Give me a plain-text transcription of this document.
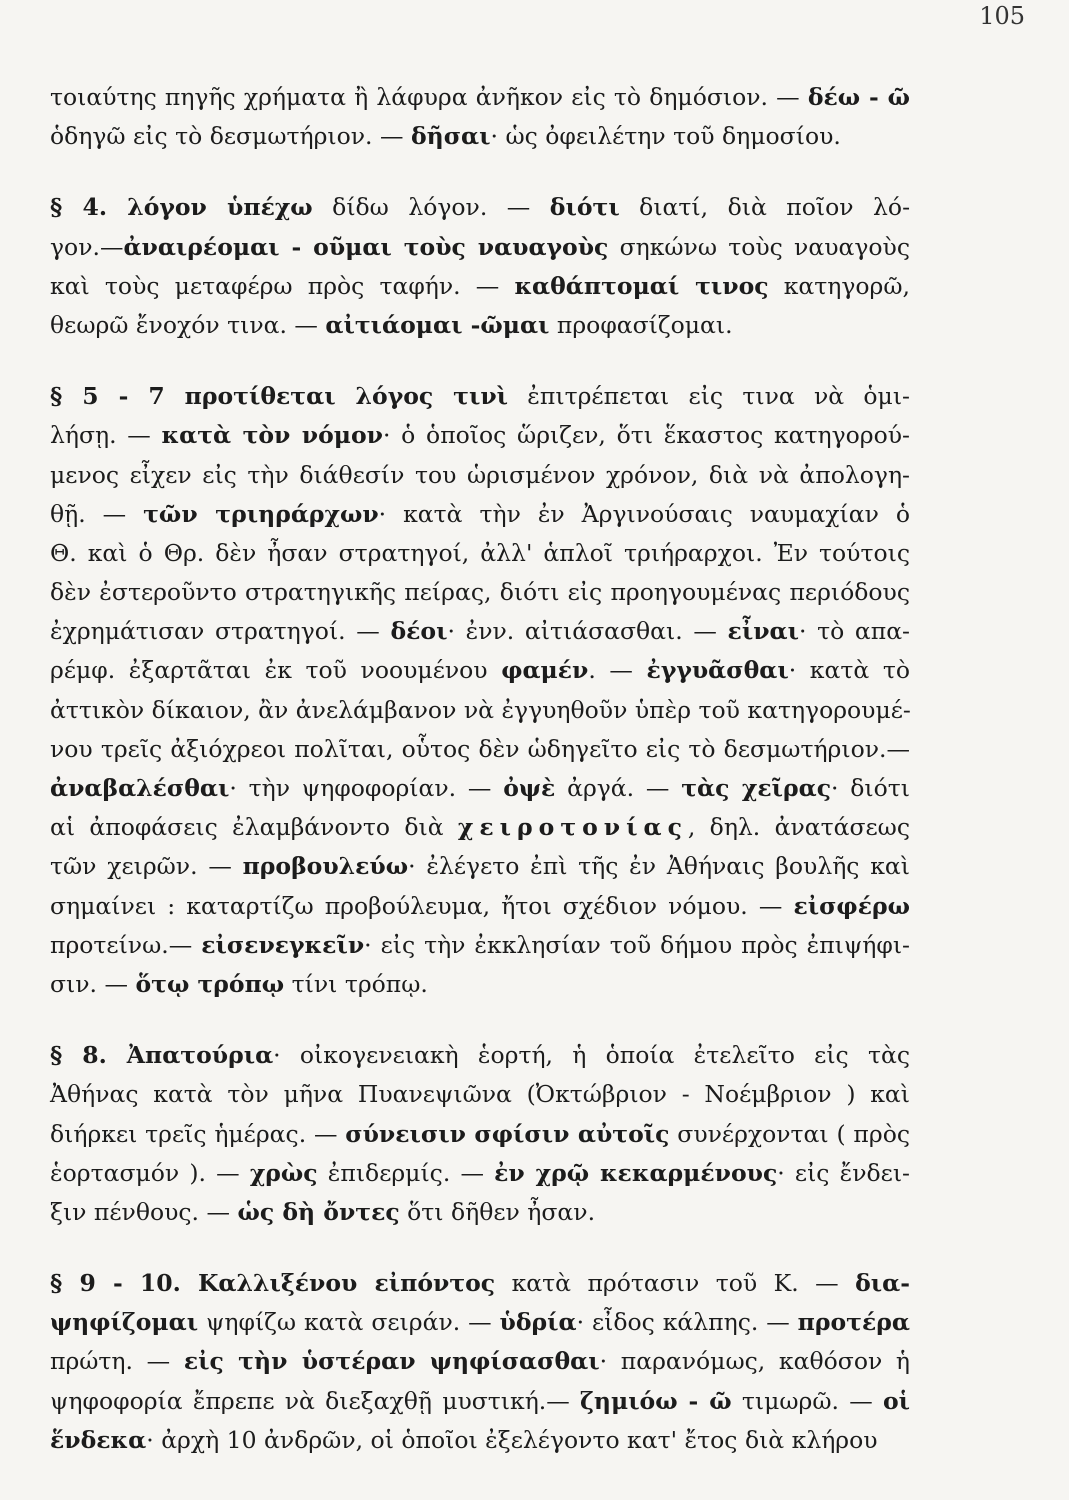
105
τοιαύτης πηγῆς χρήματα ἢ λάφυρα ἀνῆκον εἰς τὸ δημόσιον. — δέω - ῶ
ὁδηγῶ εἰς τὸ δεσμωτήριον. — δῆσαι· ὡς ὀφειλέτην τοῦ δημοσίου.
§ 4. λόγον ὑπέχω δίδω λόγον. — διότι διατί, διὰ ποῖον λό-
γον.—ἀναιρέομαι - οῦμαι τοὺς ναυαγοὺς σηκώνω τοὺς ναυαγοὺς
καὶ τοὺς μεταφέρω πρὸς ταφήν. — καθάπτομαί τινος κατηγορῶ,
θεωρῶ ἔνοχόν τινα. — αἰτιάομαι -ῶμαι προφασίζομαι.
§ 5 - 7 προτίθεται λόγος τινὶ ἐπιτρέπεται εἰς τινα νὰ ὁμι-
λήσῃ. — κατὰ τὸν νόμον· ὁ ὁποῖος ὥριζεν, ὅτι ἕκαστος κατηγορού-
μενος εἶχεν εἰς τὴν διάθεσίν του ὡρισμένον χρόνον, διὰ νὰ ἀπολογη-
θῇ. — τῶν τριηράρχων· κατὰ τὴν ἐν Ἀργινούσαις ναυμαχίαν ὁ
Θ. καὶ ὁ Θρ. δὲν ἦσαν στρατηγοί, ἀλλ' ἁπλοῖ τριήραρχοι. Ἐν τούτοις
δὲν ἐστεροῦντο στρατηγικῆς πείρας, διότι εἰς προηγουμένας περιόδους
ἐχρημάτισαν στρατηγοί. — δέοι· ἐνν. αἰτιάσασθαι. — εἶναι· τὸ απα-
ρέμφ. ἐξαρτᾶται ἐκ τοῦ νοουμένου φαμέν. — ἐγγυᾶσθαι· κατὰ τὸ
ἀττικὸν δίκαιον, ἂν ἀνελάμβανον νὰ ἐγγυηθοῦν ὑπὲρ τοῦ κατηγορουμέ-
νου τρεῖς ἀξιόχρεοι πολῖται, οὗτος δὲν ὡδηγεῖτο εἰς τὸ δεσμωτήριον.—
ἀναβαλέσθαι· τὴν ψηφοφορίαν. — ὀψὲ ἀργά. — τὰς χεῖρας· διότι
αἱ ἀποφάσεις ἐλαμβάνοντο διὰ χειροτονίας, δηλ. ἀνατάσεως
τῶν χειρῶν. — προβουλεύω· ἐλέγετο ἐπὶ τῆς ἐν Ἀθήναις βουλῆς καὶ
σημαίνει : καταρτίζω προβούλευμα, ἤτοι σχέδιον νόμου. — εἰσφέρω
προτείνω.— εἰσενεγκεῖν· εἰς τὴν ἐκκλησίαν τοῦ δήμου πρὸς ἐπιψήφι-
σιν. — ὅτῳ τρόπῳ τίνι τρόπῳ.
§ 8. Ἀπατούρια· οἰκογενειακὴ ἑορτή, ἡ ὁποία ἐτελεῖτο εἰς τὰς
Ἀθήνας κατὰ τὸν μῆνα Πυανεψιῶνα (Ὀκτώβριον - Νοέμβριον ) καὶ
διήρκει τρεῖς ἡμέρας. — σύνεισιν σφίσιν αὐτοῖς συνέρχονται ( πρὸς
ἑορτασμόν ). — χρὼς ἐπιδερμίς. — ἐν χρῷ κεκαρμένους· εἰς ἔνδει-
ξιν πένθους. — ὡς δὴ ὄντες ὅτι δῆθεν ἦσαν.
§ 9 - 10. Καλλιξένου εἰπόντος κατὰ πρότασιν τοῦ Κ. — δια-
ψηφίζομαι ψηφίζω κατὰ σειράν. — ὑδρία· εἶδος κάλπης. — προτέρα
πρώτη. — εἰς τὴν ὑστέραν ψηφίσασθαι· παρανόμως, καθόσον ἡ
ψηφοφορία ἔπρεπε νὰ διεξαχθῇ μυστική.— ζημιόω - ῶ τιμωρῶ. — οἱ
ἕνδεκα· ἀρχὴ 10 ἀνδρῶν, οἱ ὁποῖοι ἐξελέγοντο κατ' ἔτος διὰ κλήρου
